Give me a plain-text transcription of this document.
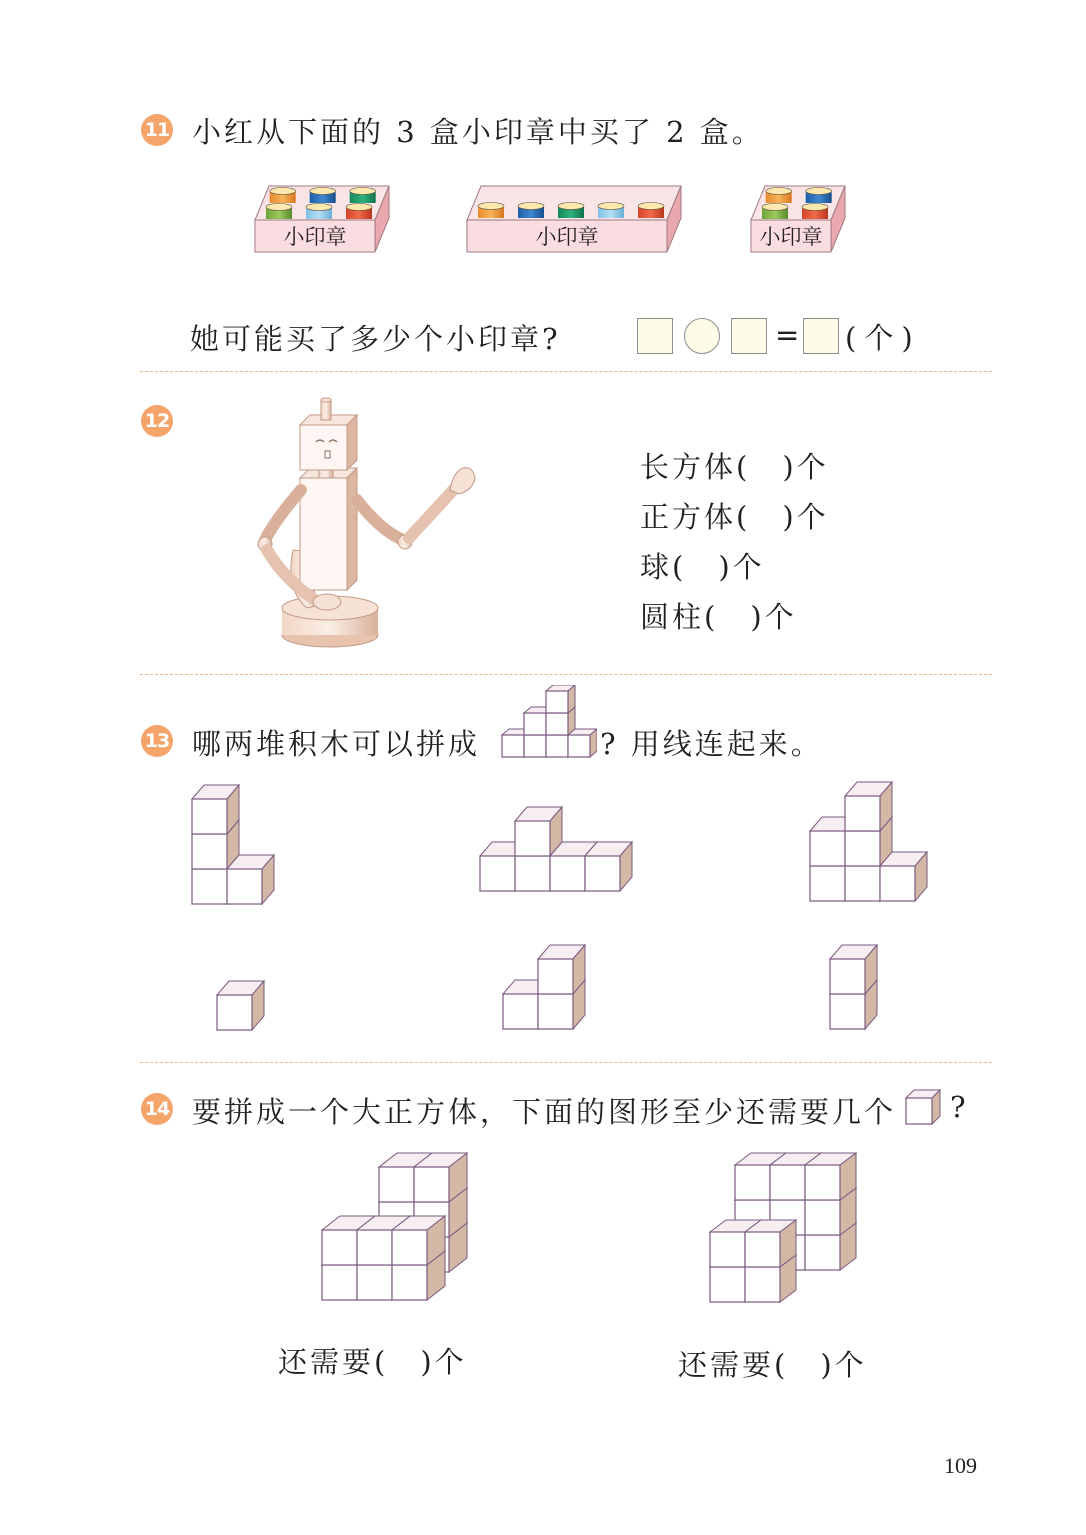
11 小红从下面的 3 盒小印章中买了 2 盒。
小印章	小印章	小印章
她可能买了多少个小印章?	= (个)
12
长方体(　)个
正方体(　)个
球(　)个
圆柱(　)个
13 哪两堆积木可以拼成	? 用线连起来。
14 要拼成一个大正方体，下面的图形至少还需要几个 ?
还需要(　)个	还需要(　)个
109
